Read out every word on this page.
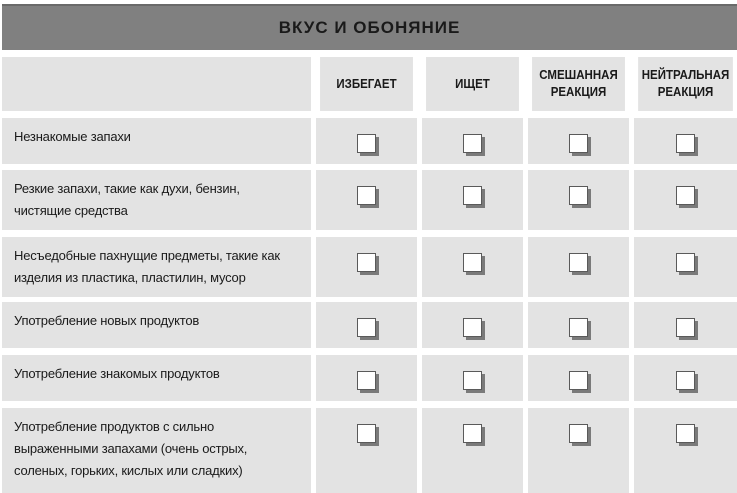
ВКУС И ОБОНЯНИЕ
ИЗБЕГАЕТ	ИЩЕТ
СМЕШАННАЯ РЕАКЦИЯ
НЕЙТРАЛЬНАЯ РЕАКЦИЯ
Незнакомые запахи
Резкие запахи, такие как духи, бензин, чистящие средства
Несъедобные пахнущие предметы, такие как изделия из пластика, пластилин, мусор
Употребление новых продуктов
Употребление знакомых продуктов
Употребление продуктов с сильно выраженными запахами (очень острых, соленых, горьких, кислых или сладких)
